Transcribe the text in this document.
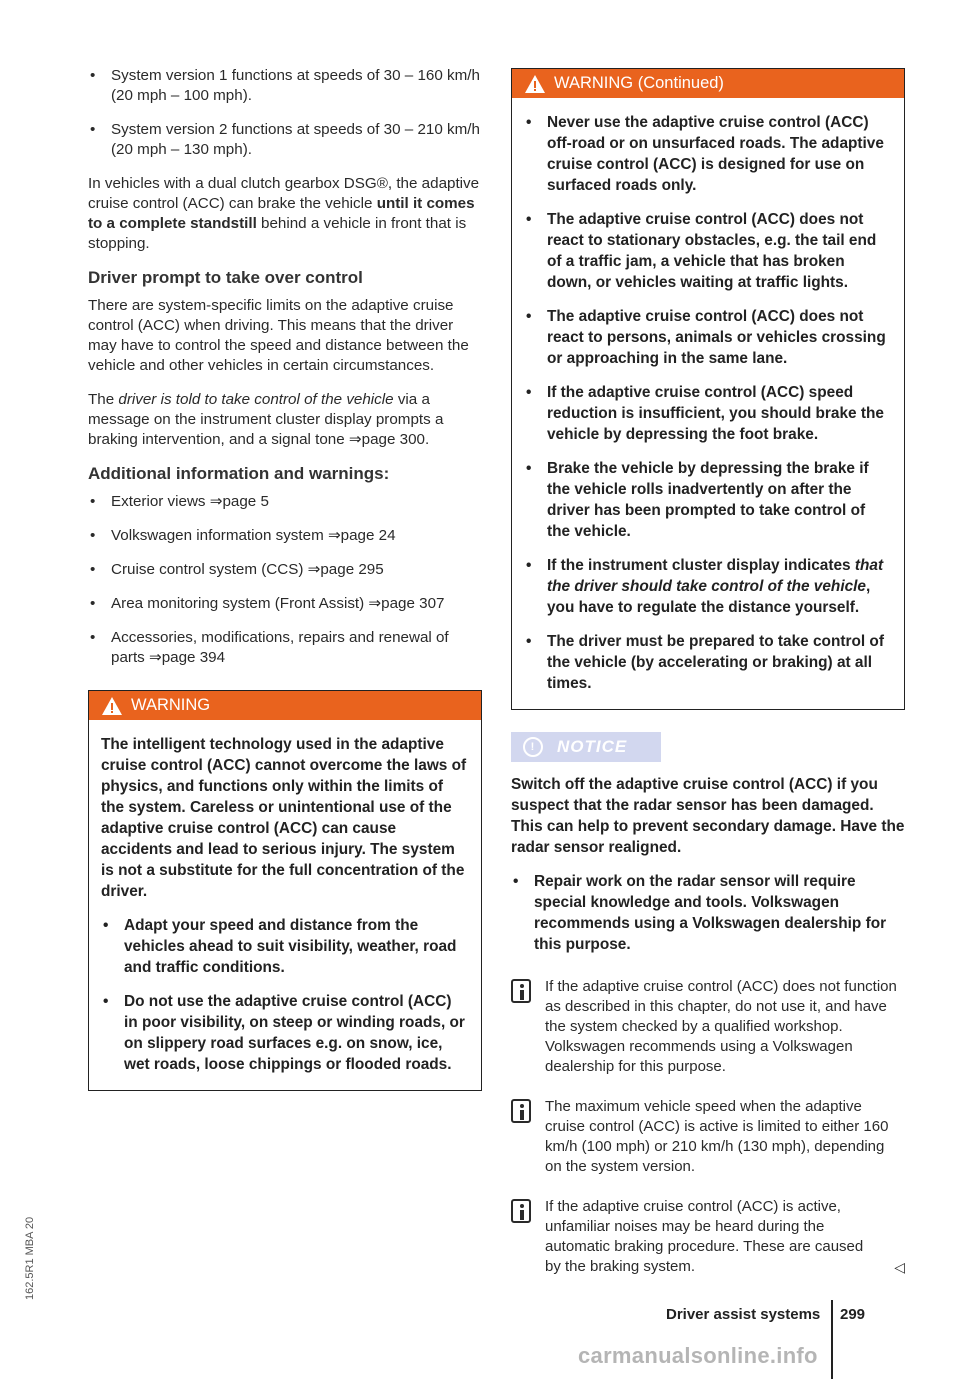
• System version 1 functions at speeds of 30 – 160 km/h (20 mph – 100 mph).

• System version 2 functions at speeds of 30 – 210 km/h (20 mph – 130 mph).

In vehicles with a dual clutch gearbox DSG®, the adaptive cruise control (ACC) can brake the vehicle until it comes to a complete standstill behind a vehicle in front that is stopping.

Driver prompt to take over control

There are system-specific limits on the adaptive cruise control (ACC) when driving. This means that the driver may have to control the speed and distance between the vehicle and other vehicles in certain circumstances.

The driver is told to take control of the vehicle via a message on the instrument cluster display prompts a braking intervention, and a signal tone ⇒page 300.

Additional information and warnings:

• Exterior views ⇒page 5

• Volkswagen information system ⇒page 24

• Cruise control system (CCS) ⇒page 295

• Area monitoring system (Front Assist) ⇒page 307

• Accessories, modifications, repairs and renewal of parts ⇒page 394

WARNING

The intelligent technology used in the adaptive cruise control (ACC) cannot overcome the laws of physics, and functions only within the limits of the system. Careless or unintentional use of the adaptive cruise control (ACC) can cause accidents and lead to serious injury. The system is not a substitute for the full concentration of the driver.

• Adapt your speed and distance from the vehicles ahead to suit visibility, weather, road and traffic conditions.

• Do not use the adaptive cruise control (ACC) in poor visibility, on steep or winding roads, or on slippery road surfaces e.g. on snow, ice, wet roads, loose chippings or flooded roads.

WARNING (Continued)

• Never use the adaptive cruise control (ACC) off-road or on unsurfaced roads. The adaptive cruise control (ACC) is designed for use on surfaced roads only.

• The adaptive cruise control (ACC) does not react to stationary obstacles, e.g. the tail end of a traffic jam, a vehicle that has broken down, or vehicles waiting at traffic lights.

• The adaptive cruise control (ACC) does not react to persons, animals or vehicles crossing or approaching in the same lane.

• If the adaptive cruise control (ACC) speed reduction is insufficient, you should brake the vehicle by depressing the foot brake.

• Brake the vehicle by depressing the brake if the vehicle rolls inadvertently on after the driver has been prompted to take control of the vehicle.

• If the instrument cluster display indicates that the driver should take control of the vehicle, you have to regulate the distance yourself.

• The driver must be prepared to take control of the vehicle (by accelerating or braking) at all times.

!	NOTICE

Switch off the adaptive cruise control (ACC) if you suspect that the radar sensor has been damaged. This can help to prevent secondary damage. Have the radar sensor realigned.

• Repair work on the radar sensor will require special knowledge and tools. Volkswagen recommends using a Volkswagen dealership for this purpose.

If the adaptive cruise control (ACC) does not function as described in this chapter, do not use it, and have the system checked by a qualified workshop. Volkswagen recommends using a Volkswagen dealership for this purpose.
The maximum vehicle speed when the adaptive cruise control (ACC) is active is limited to either 160 km/h (100 mph) or 210 km/h (130 mph), depending on the system version.
If the adaptive cruise control (ACC) is active, unfamiliar noises may be heard during the automatic braking procedure. These are caused by the braking system.	◁
162.5R1 MBA 20
Driver assist systems 299
carmanualsonline.info
